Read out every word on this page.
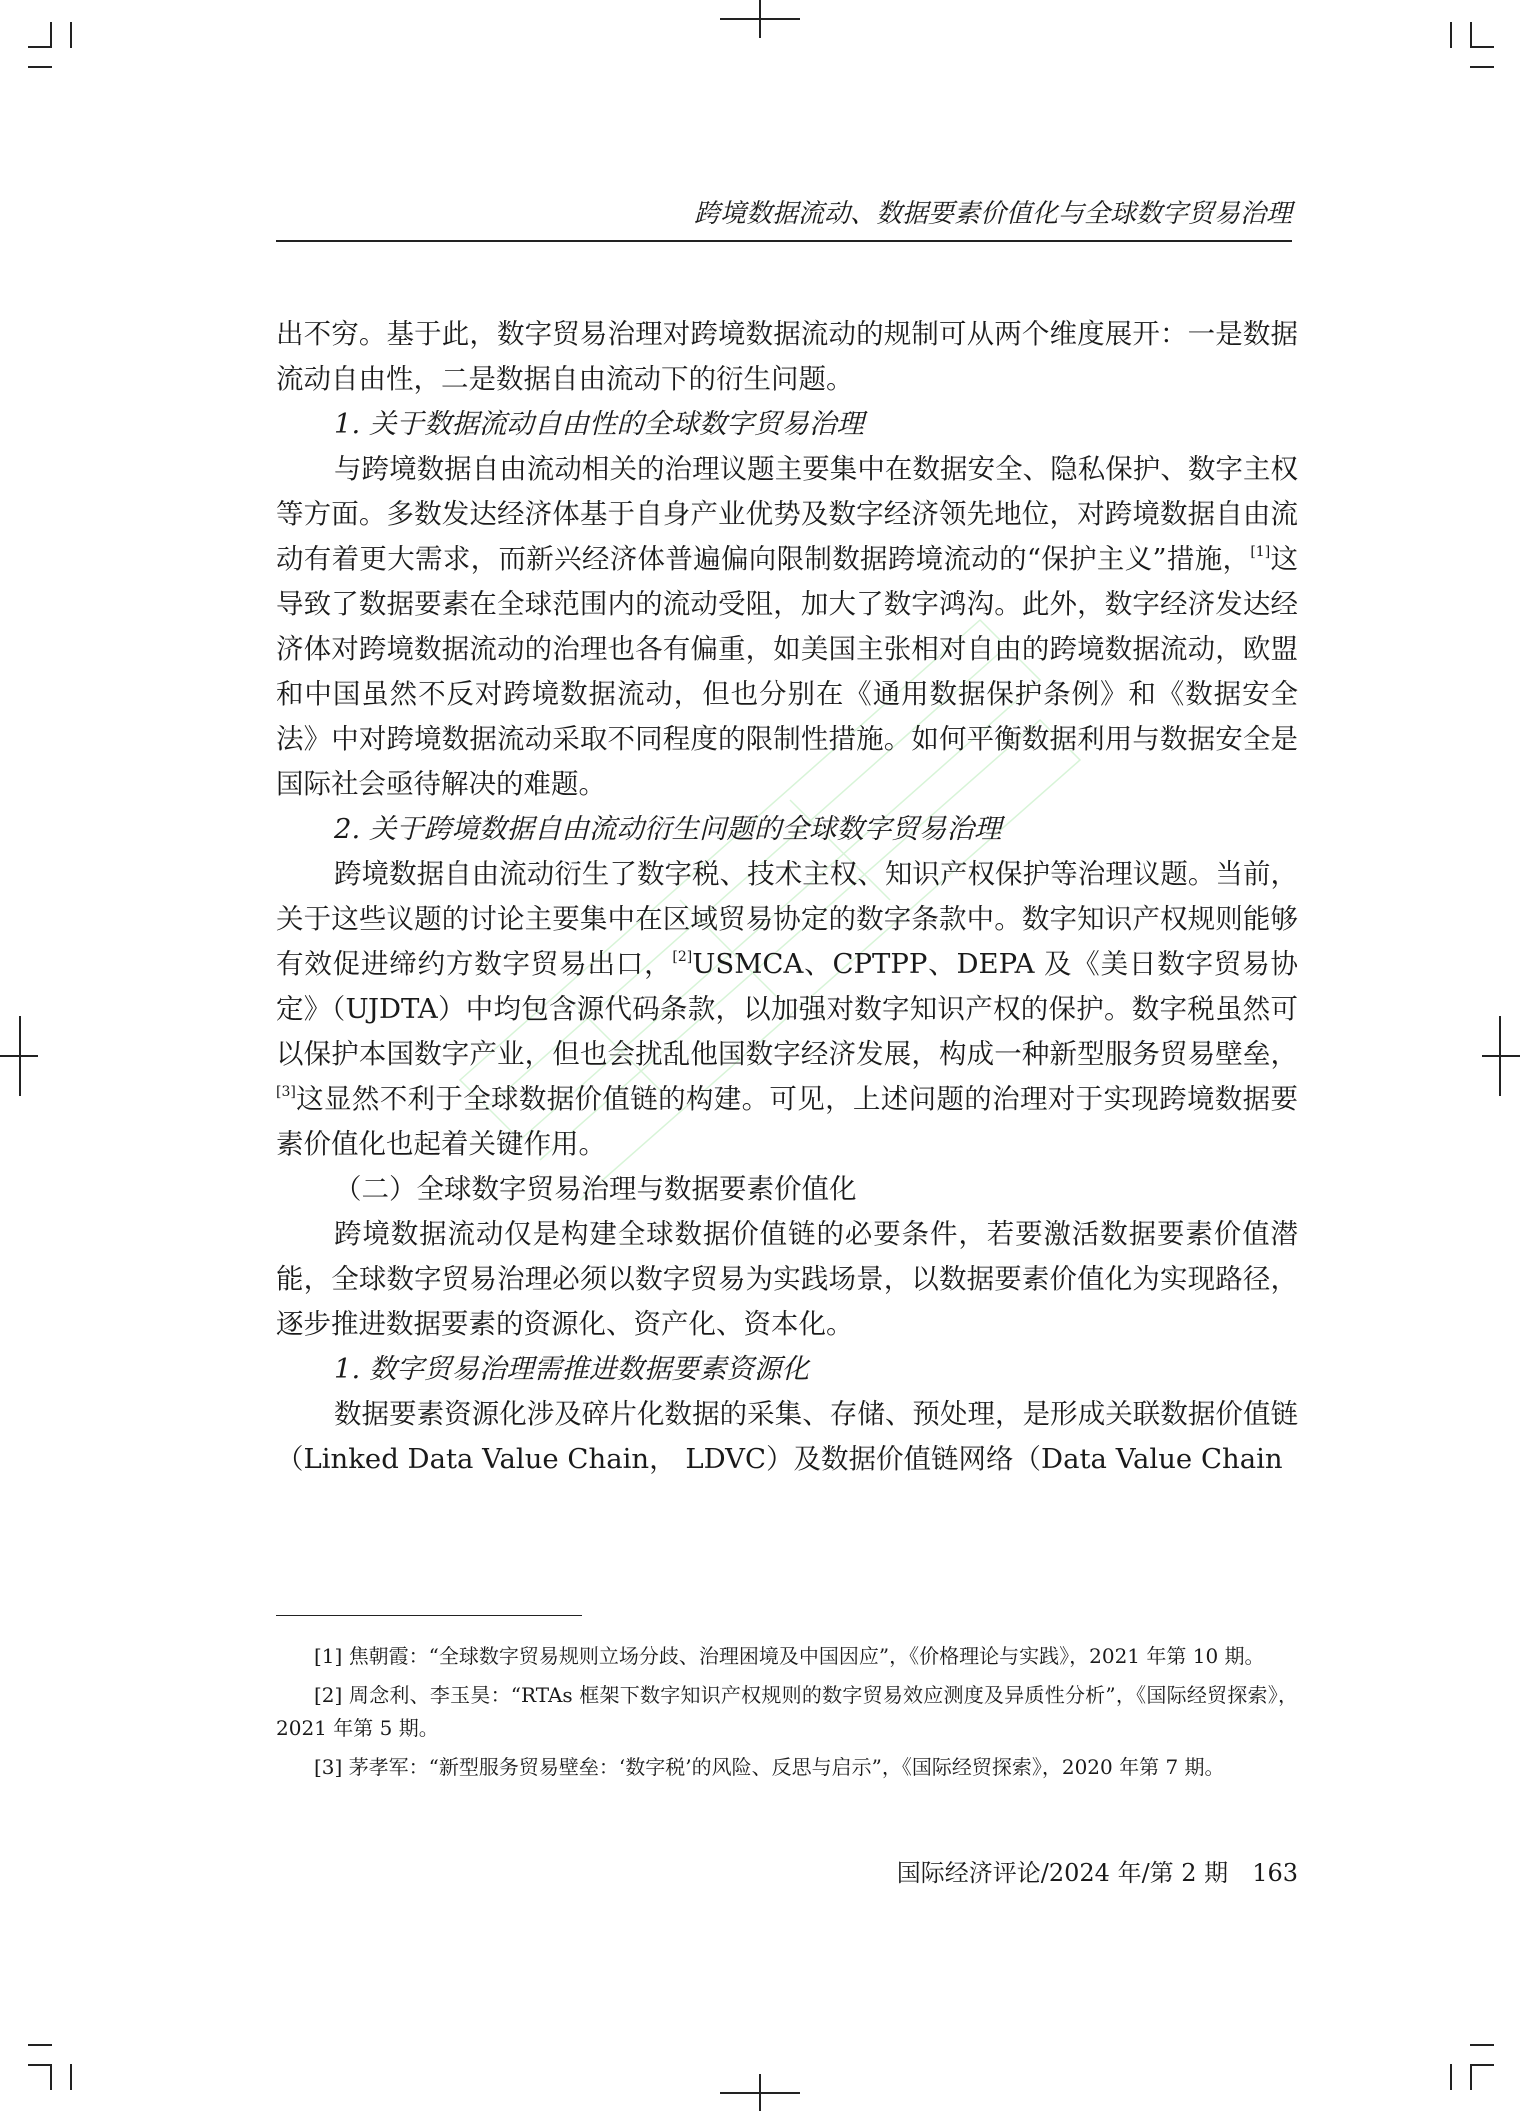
跨境数据流动、数据要素价值化与全球数字贸易治理

出不穷。基于此，数字贸易治理对跨境数据流动的规制可从两个维度展开：一是数据流动自由性，二是数据自由流动下的衍生问题。

1. 关于数据流动自由性的全球数字贸易治理

与跨境数据自由流动相关的治理议题主要集中在数据安全、隐私保护、数字主权等方面。多数发达经济体基于自身产业优势及数字经济领先地位，对跨境数据自由流动有着更大需求，而新兴经济体普遍偏向限制数据跨境流动的“保护主义”措施，[1]这导致了数据要素在全球范围内的流动受阻，加大了数字鸿沟。此外，数字经济发达经济体对跨境数据流动的治理也各有偏重，如美国主张相对自由的跨境数据流动，欧盟和中国虽然不反对跨境数据流动，但也分别在《通用数据保护条例》和《数据安全法》中对跨境数据流动采取不同程度的限制性措施。如何平衡数据利用与数据安全是国际社会亟待解决的难题。

2. 关于跨境数据自由流动衍生问题的全球数字贸易治理

跨境数据自由流动衍生了数字税、技术主权、知识产权保护等治理议题。当前，关于这些议题的讨论主要集中在区域贸易协定的数字条款中。数字知识产权规则能够有效促进缔约方数字贸易出口，[2]USMCA、CPTPP、DEPA 及《美日数字贸易协定》（UJDTA）中均包含源代码条款，以加强对数字知识产权的保护。数字税虽然可以保护本国数字产业，但也会扰乱他国数字经济发展，构成一种新型服务贸易壁垒，[3]这显然不利于全球数据价值链的构建。可见，上述问题的治理对于实现跨境数据要素价值化也起着关键作用。

（二）全球数字贸易治理与数据要素价值化

跨境数据流动仅是构建全球数据价值链的必要条件，若要激活数据要素价值潜能，全球数字贸易治理必须以数字贸易为实践场景，以数据要素价值化为实现路径，逐步推进数据要素的资源化、资产化、资本化。

1. 数字贸易治理需推进数据要素资源化

数据要素资源化涉及碎片化数据的采集、存储、预处理，是形成关联数据价值链（Linked Data Value Chain， LDVC）及数据价值链网络（Data Value Chain

[1] 焦朝霞：“全球数字贸易规则立场分歧、治理困境及中国因应”，《价格理论与实践》，2021 年第 10 期。

[2] 周念利、李玉昊：“RTAs 框架下数字知识产权规则的数字贸易效应测度及异质性分析”，《国际经贸探索》，2021 年第 5 期。

[3] 茅孝军：“新型服务贸易壁垒：‘数字税’的风险、反思与启示”，《国际经贸探索》，2020 年第 7 期。

国际经济评论/2024 年/第 2 期 163
